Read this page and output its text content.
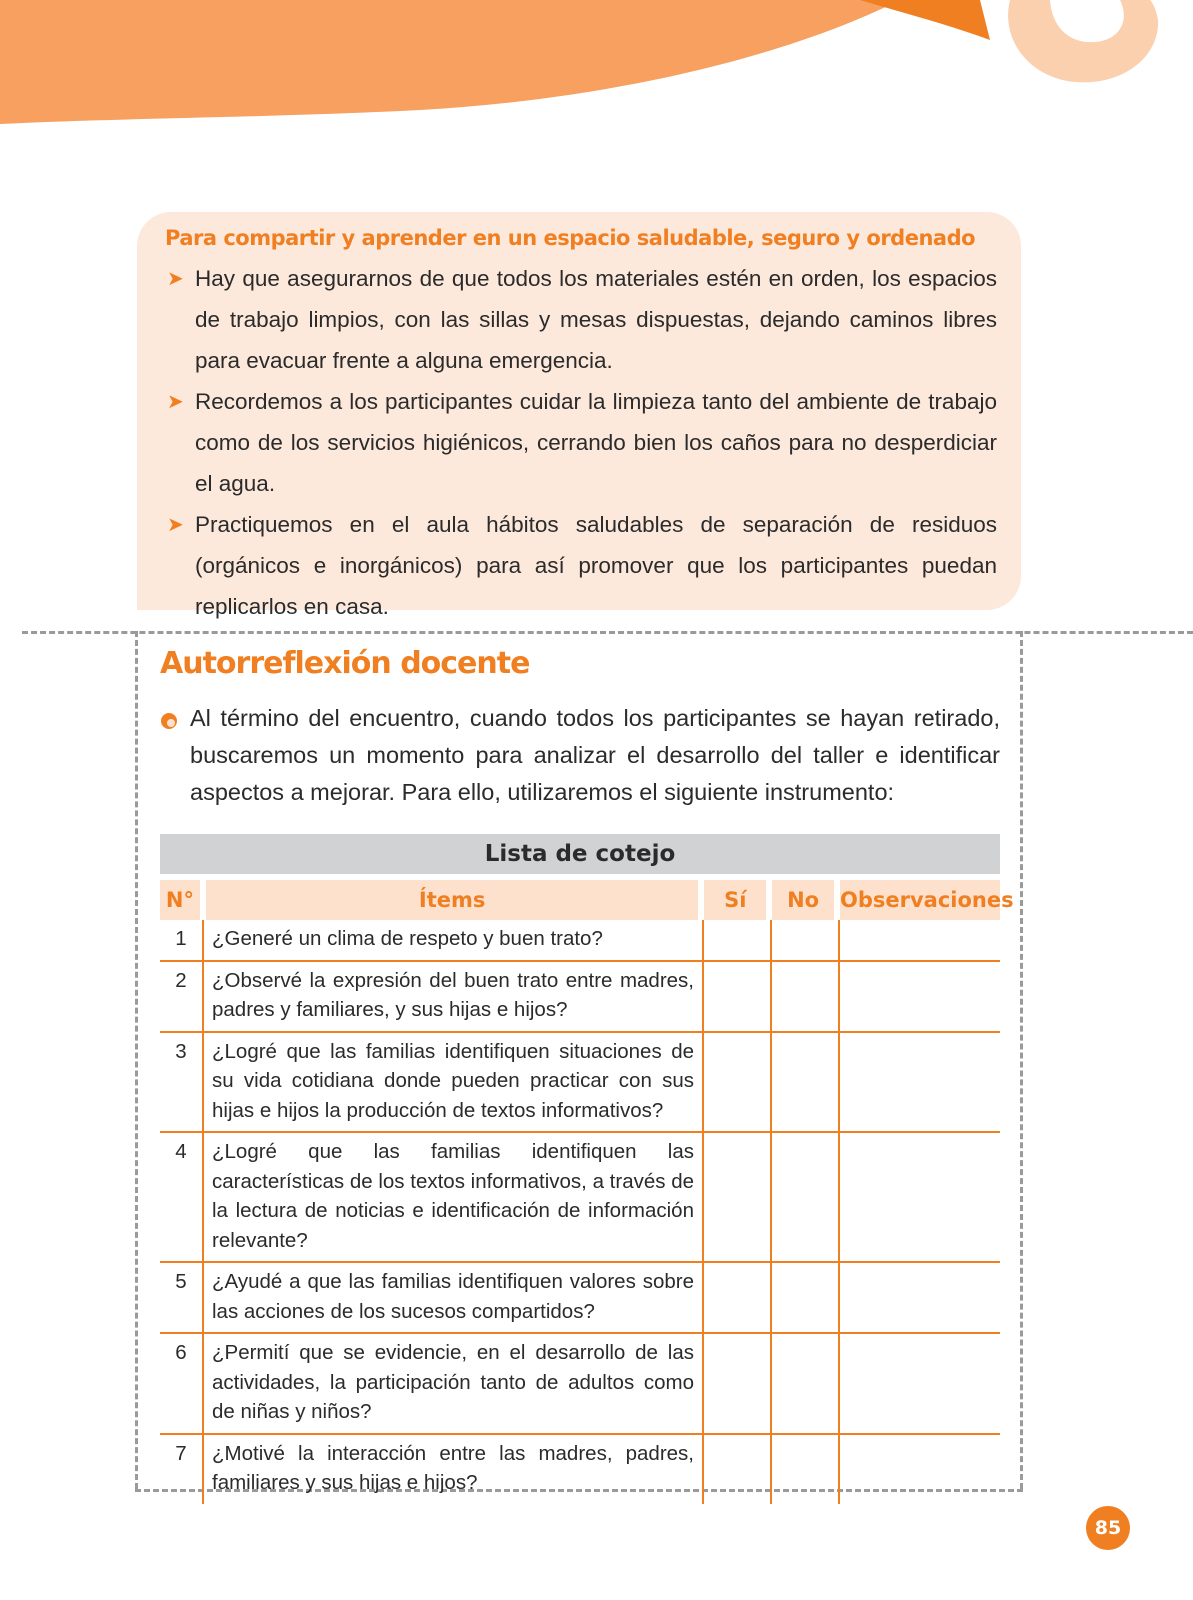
Para compartir y aprender en un espacio saludable, seguro y ordenado
➤ Hay que asegurarnos de que todos los materiales estén en orden, los espacios de trabajo limpios, con las sillas y mesas dispuestas, dejando caminos libres para evacuar frente a alguna emergencia.
➤ Recordemos a los participantes cuidar la limpieza tanto del ambiente de trabajo como de los servicios higiénicos, cerrando bien los caños para no desperdiciar el agua.
➤ Practiquemos en el aula hábitos saludables de separación de residuos (orgánicos e inorgánicos) para así promover que los participantes puedan replicarlos en casa.
Autorreflexión docente

Al término del encuentro, cuando todos los participantes se hayan retirado, buscaremos un momento para analizar el desarrollo del taller e identificar aspectos a mejorar. Para ello, utilizaremos el siguiente instrumento:

Lista de cotejo
N°	Ítems	Sí	No Observaciones
1	¿Generé un clima de respeto y buen trato?
2	¿Observé la expresión del buen trato entre madres, padres y familiares, y sus hijas e hijos?
3	¿Logré que las familias identifiquen situaciones de su vida cotidiana donde pueden practicar con sus hijas e hijos la producción de textos informativos?
4	¿Logré que las familias identifiquen las características de los textos informativos, a través de la lectura de noticias e identificación de información relevante?
5	¿Ayudé a que las familias identifiquen valores sobre las acciones de los sucesos compartidos?
6	¿Permití que se evidencie, en el desarrollo de las actividades, la participación tanto de adultos como de niñas y niños?
7	¿Motivé la interacción entre las madres, padres, familiares y sus hijas e hijos?
85
